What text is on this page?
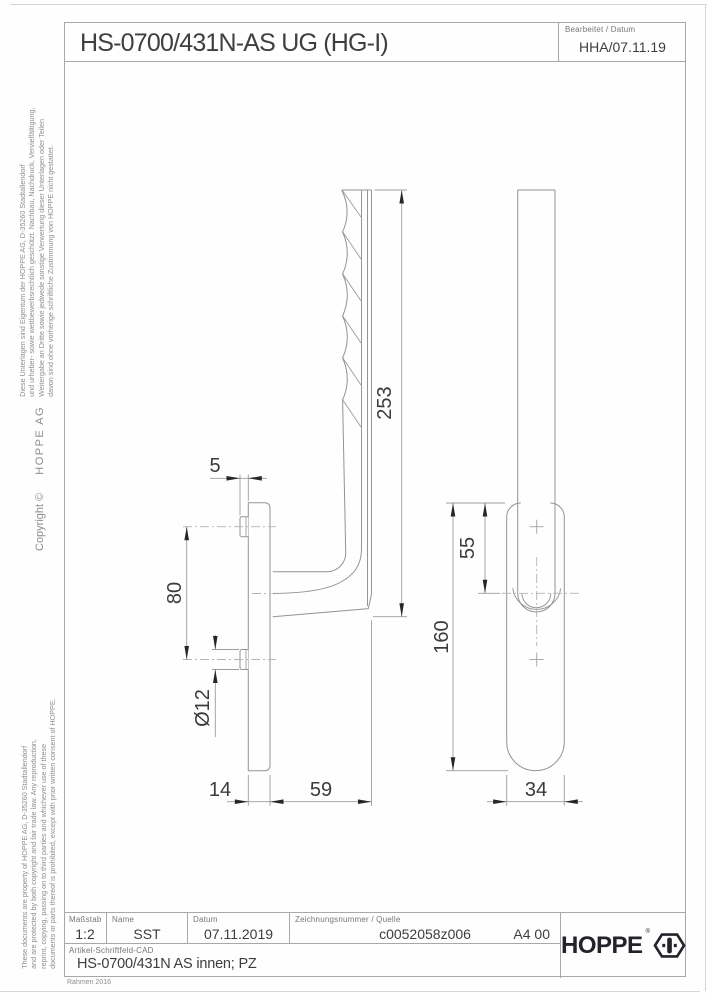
Diese Unterlagen sind Eigentum der HOPPE AG, D-35260 Stadtallendorf und urheber- sowie wettbewerbsrechtlich geschützt. Nachbau, Nachdruck, Vervielfältigung, Weitergabe an Dritte sowie jedwede sonstige Verwertung dieser Unterlagen oder Teilen davon sind ohne vorherige schriftliche Zustimmung von HOPPE nicht gestattet.
Copyright ©
HOPPE AG
These documents are property of HOPPE AG, D-35260 Stadtallendorf and are protected by both copyright and fair trade law. Any reproduction, reprint, copying, passing on to third parties and whichever use of these documents or parts thereof is prohibited, except with prior written consent of HOPPE.
HS-0700/431N-AS UG (HG-I)	Bearbeitet / Datum
HHA/07.11.19
5
253
80
Ø12
14	59
55
160
34
Maßstab
1:2
Name
SST
Datum
07.11.2019
Zeichnungsnummer / Quelle
c0052058z006	A4 00
Artikel-Schriftfeld-CAD
HS-0700/431N AS innen; PZ
HOPPE ®
Rahmen 2016
